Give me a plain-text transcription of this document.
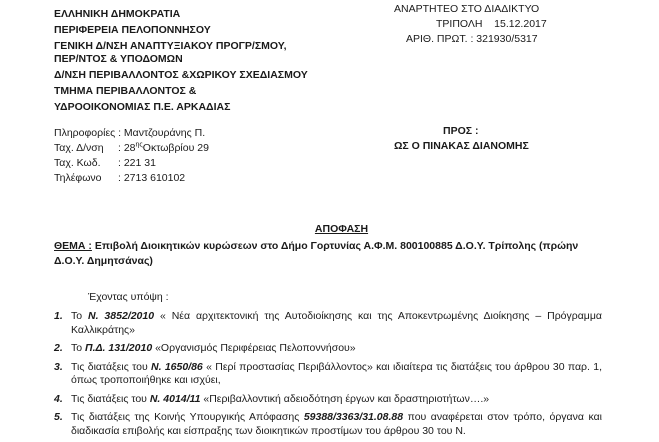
ΕΛΛΗΝΙΚΗ ΔΗΜΟΚΡΑΤΙΑ
ΠΕΡΙΦΕΡΕΙΑ ΠΕΛΟΠΟΝΝΗΣΟΥ
ΓΕΝΙΚΗ Δ/ΝΣΗ ΑΝΑΠΤΥΞΙΑΚΟΥ ΠΡΟΓΡ/ΣΜΟΥ,
ΠΕΡ/ΝΤΟΣ & ΥΠΟΔΟΜΩΝ
Δ/ΝΣΗ ΠΕΡΙΒΑΛΛΟΝΤΟΣ &ΧΩΡΙΚΟΥ ΣΧΕΔΙΑΣΜΟΥ
ΤΜΗΜΑ ΠΕΡΙΒΑΛΛΟΝΤΟΣ &
ΥΔΡΟΟΙΚΟΝΟΜΙΑΣ Π.Ε. ΑΡΚΑΔΙΑΣ
Πληροφορίες : Μαντζουράνης Π.
Ταχ. Δ/νση	: $28^{\eta\varsigma}O\kappa\tau\omega\beta\rho ίo\upsilon$ 29
Ταχ. Κωδ.	: 221 31
Τηλέφωνο	: 2713 610102
ΑΝΑΡΤΗΤΕΟ ΣΤΟ ΔΙΑΔΙΚΤΥΟ
ΤΡΙΠΟΛΗ    15.12.2017
ΑΡΙΘ. ΠΡΩΤ. : 321930/5317
ΠΡΟΣ :
ΩΣ Ο ΠΙΝΑΚΑΣ ΔΙΑΝΟΜΗΣ
ΑΠΟΦΑΣΗ
ΘΕΜΑ : Επιβολή Διοικητικών κυρώσεων στο Δήμο Γορτυνίας Α.Φ.Μ. 800100885 Δ.Ο.Υ. Τρίπολης (πρώην Δ.Ο.Υ. Δημητσάνας)
Έχοντας υπόψη :
1. Το Ν. 3852/2010 « Νέα αρχιτεκτονική της Αυτοδιοίκησης και της Αποκεντρωμένης Διοίκησης – Πρόγραμμα Καλλικράτης»
2. Το Π.Δ. 131/2010 «Οργανισμός Περιφέρειας Πελοποννήσου»
3. Τις διατάξεις του Ν. 1650/86 « Περί προστασίας Περιβάλλοντος» και ιδιαίτερα τις διατάξεις του άρθρου 30 παρ. 1, όπως τροποποιήθηκε και ισχύει,
4. Τις διατάξεις του Ν. 4014/11 «Περιβαλλοντική αδειοδότηση έργων και δραστηριοτήτων….»
5. Τις διατάξεις της Κοινής Υπουργικής Απόφασης 59388/3363/31.08.88 που αναφέρεται στον τρόπο, όργανα και διαδικασία επιβολής και είσπραξης των διοικητικών προστίμων του άρθρου 30 του Ν.
